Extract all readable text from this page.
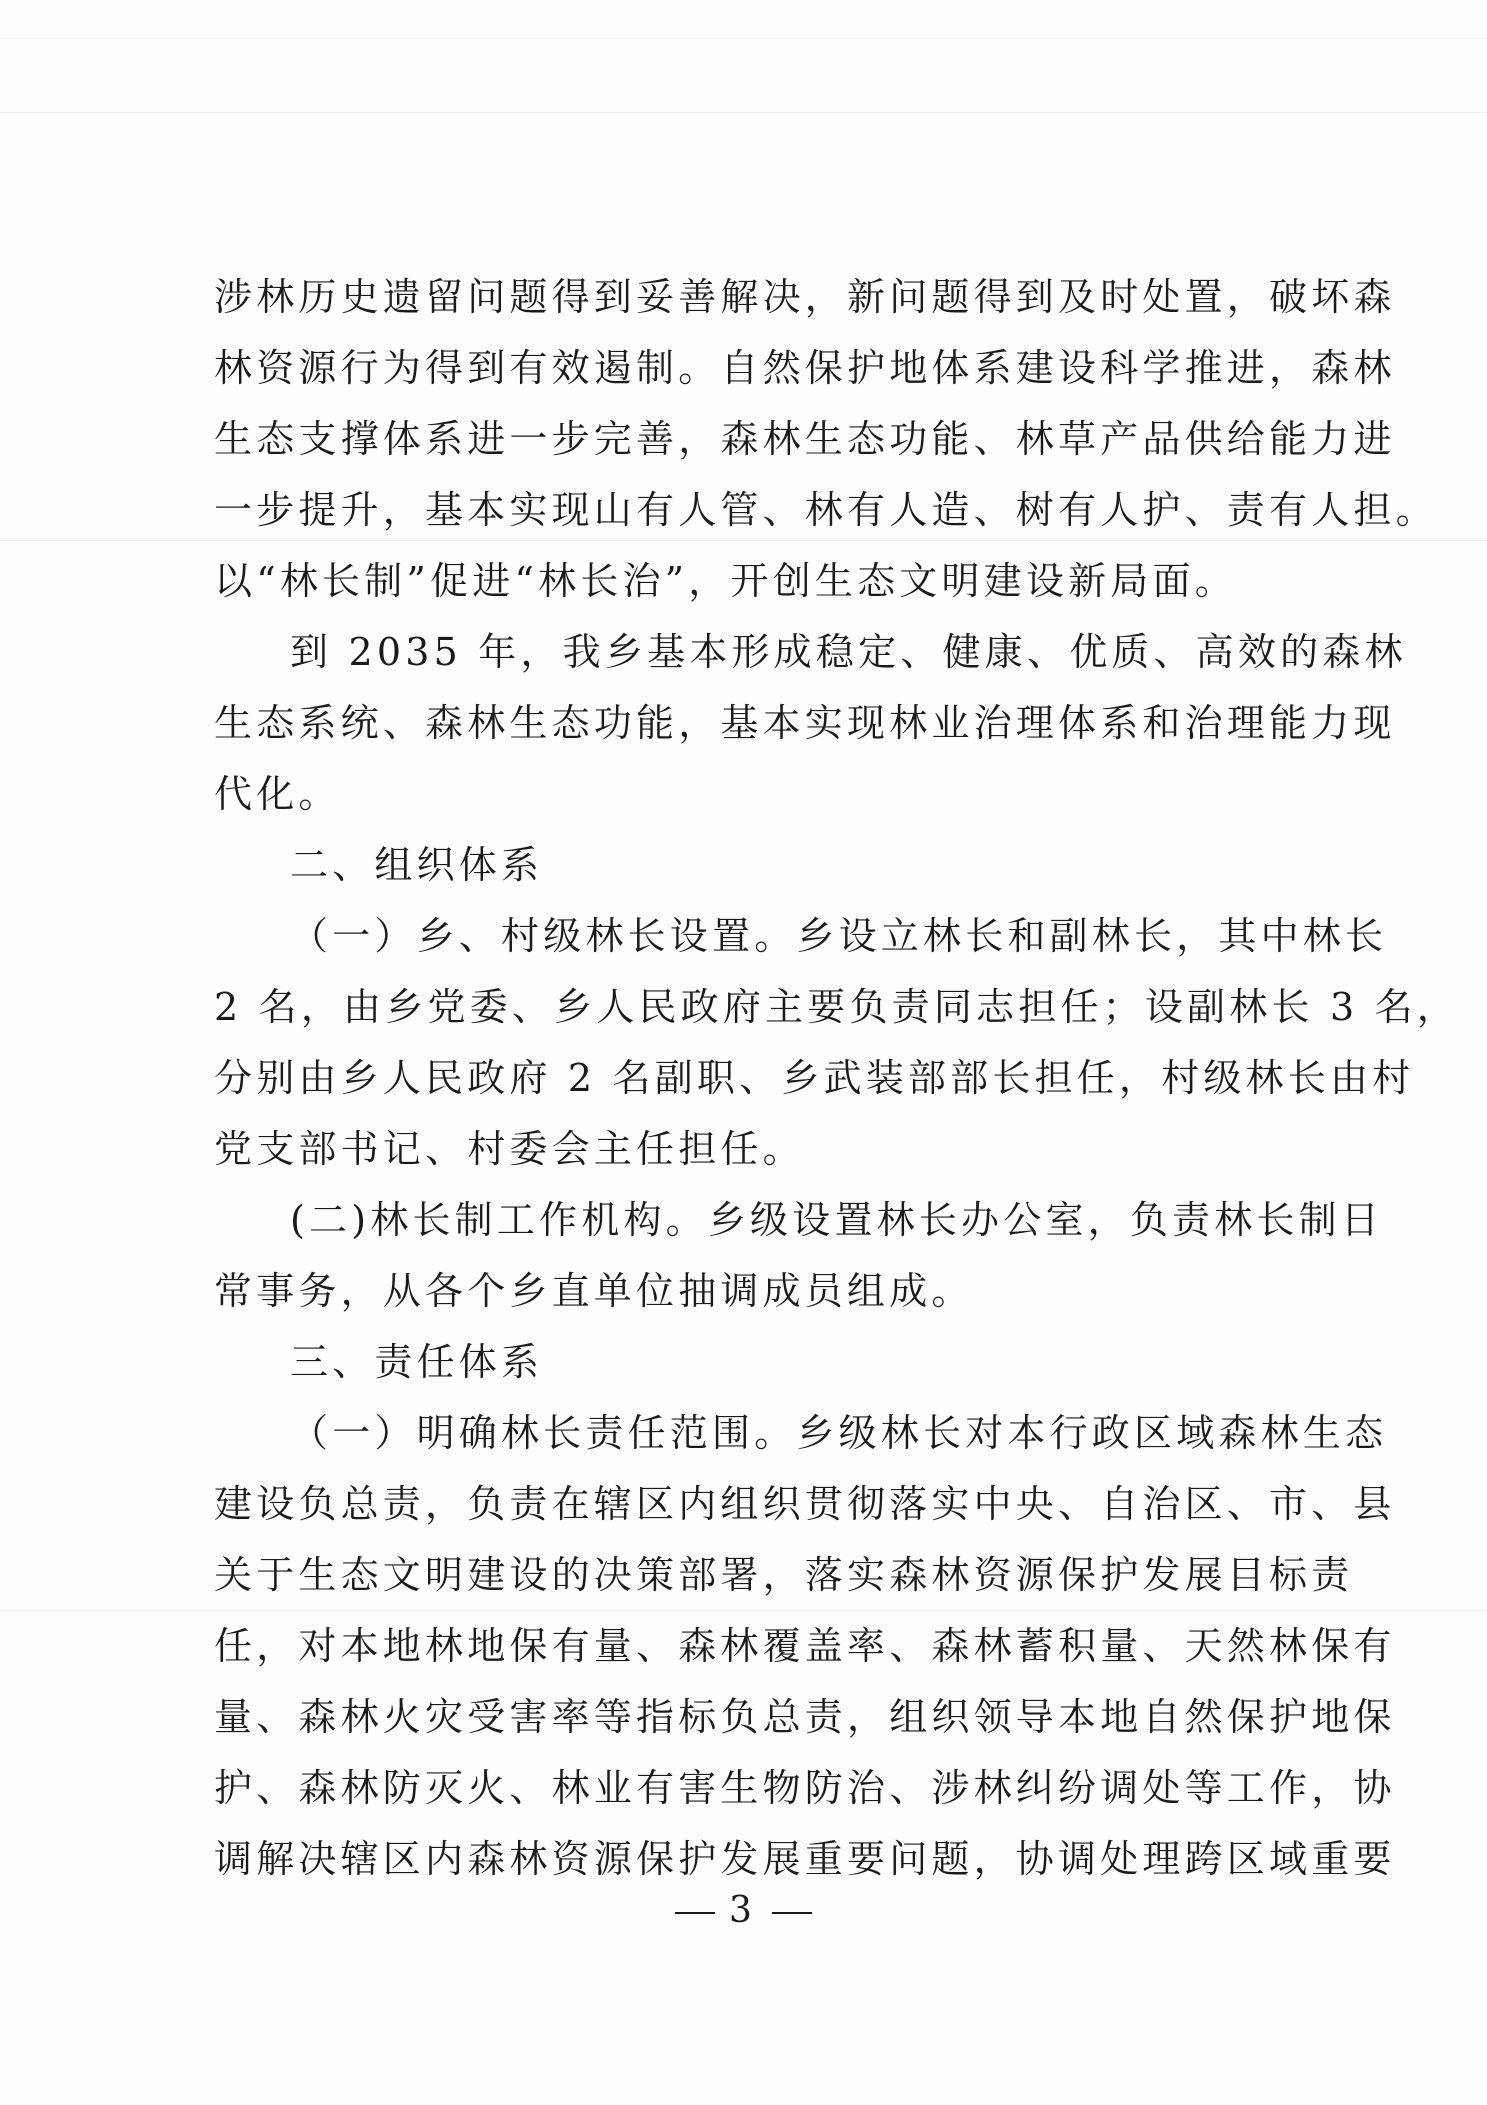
涉林历史遗留问题得到妥善解决，新问题得到及时处置，破坏森
林资源行为得到有效遏制。自然保护地体系建设科学推进，森林
生态支撑体系进一步完善，森林生态功能、林草产品供给能力进
一步提升，基本实现山有人管、林有人造、树有人护、责有人担。
以“林长制”促进“林长治”，开创生态文明建设新局面。
到 2035 年，我乡基本形成稳定、健康、优质、高效的森林
生态系统、森林生态功能，基本实现林业治理体系和治理能力现
代化。
二、组织体系
（一）乡、村级林长设置。乡设立林长和副林长，其中林长
2 名，由乡党委、乡人民政府主要负责同志担任；设副林长 3 名，
分别由乡人民政府 2 名副职、乡武装部部长担任，村级林长由村
党支部书记、村委会主任担任。
(二)林长制工作机构。乡级设置林长办公室，负责林长制日
常事务，从各个乡直单位抽调成员组成。
三、责任体系
（一）明确林长责任范围。乡级林长对本行政区域森林生态
建设负总责，负责在辖区内组织贯彻落实中央、自治区、市、县
关于生态文明建设的决策部署，落实森林资源保护发展目标责
任，对本地林地保有量、森林覆盖率、森林蓄积量、天然林保有
量、森林火灾受害率等指标负总责，组织领导本地自然保护地保
护、森林防灭火、林业有害生物防治、涉林纠纷调处等工作，协
调解决辖区内森林资源保护发展重要问题，协调处理跨区域重要
3
